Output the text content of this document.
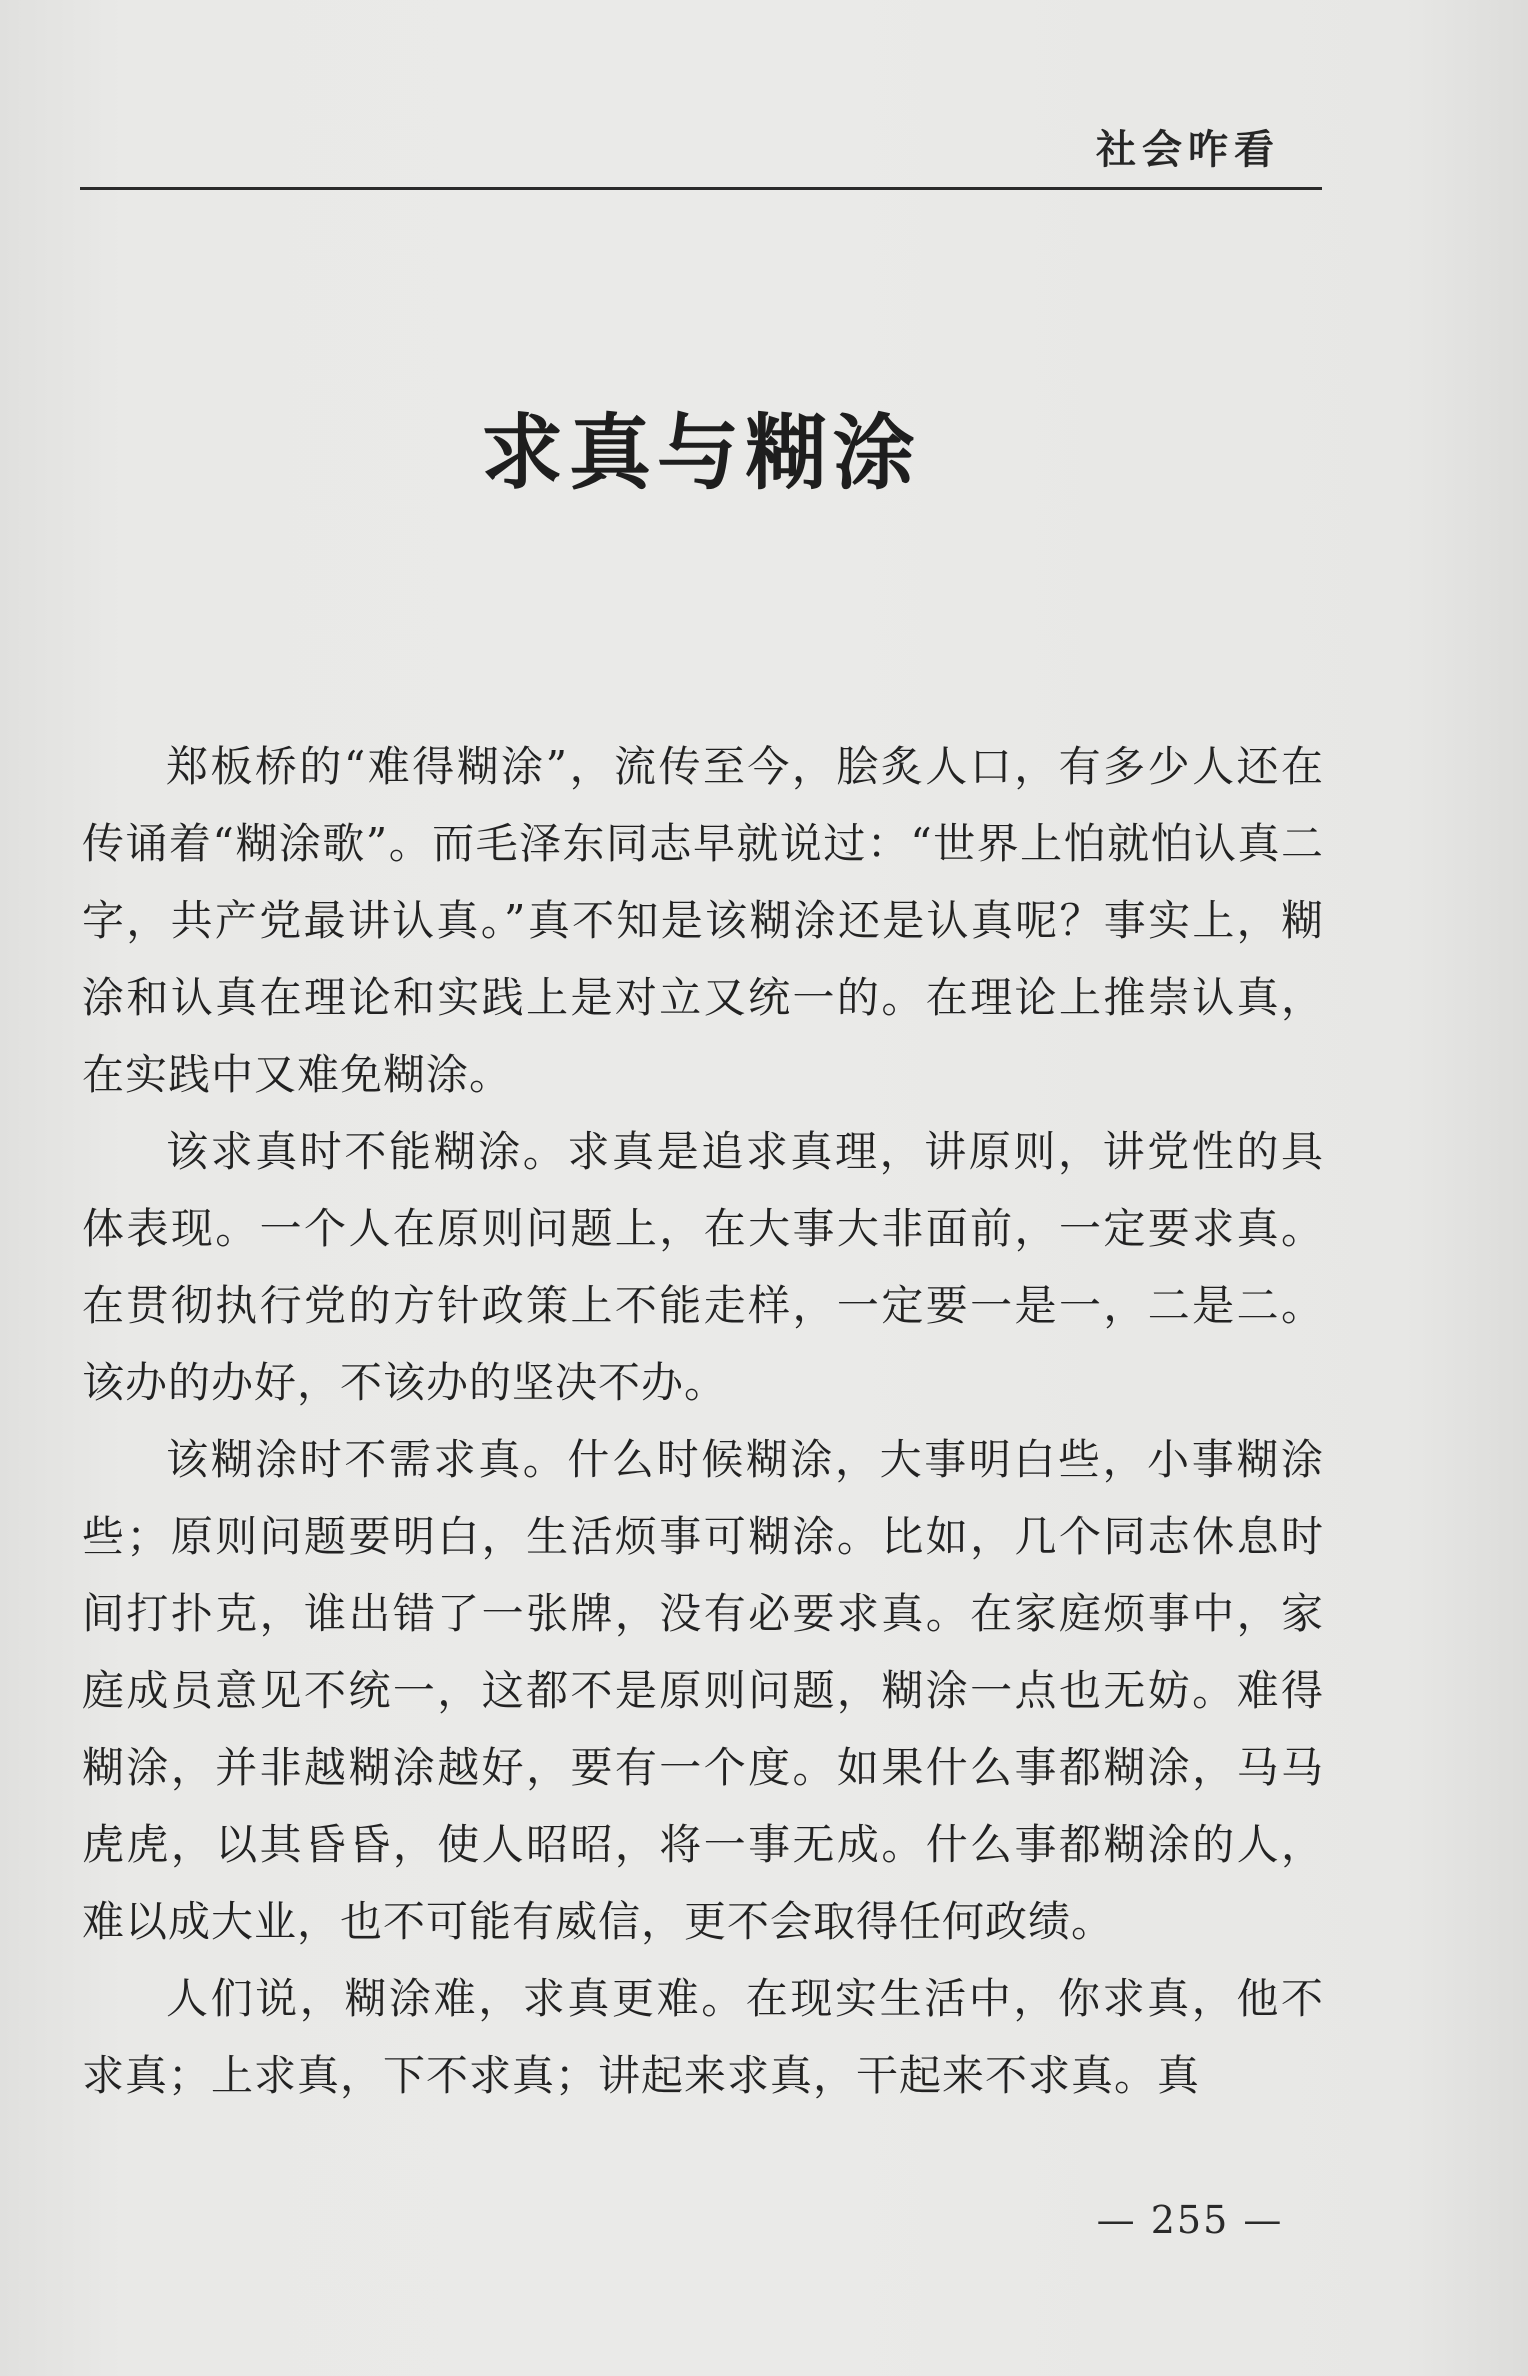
社会咋看
求真与糊涂

郑板桥的“难得糊涂”，流传至今，脍炙人口，有多少人还在传诵着“糊涂歌”。而毛泽东同志早就说过：“世界上怕就怕认真二字，共产党最讲认真。”真不知是该糊涂还是认真呢？事实上，糊涂和认真在理论和实践上是对立又统一的。在理论上推崇认真，在实践中又难免糊涂。

该求真时不能糊涂。求真是追求真理，讲原则，讲党性的具体表现。一个人在原则问题上，在大事大非面前，一定要求真。在贯彻执行党的方针政策上不能走样，一定要一是一，二是二。该办的办好，不该办的坚决不办。

该糊涂时不需求真。什么时候糊涂，大事明白些，小事糊涂些；原则问题要明白，生活烦事可糊涂。比如，几个同志休息时间打扑克，谁出错了一张牌，没有必要求真。在家庭烦事中，家庭成员意见不统一，这都不是原则问题，糊涂一点也无妨。难得糊涂，并非越糊涂越好，要有一个度。如果什么事都糊涂，马马虎虎，以其昏昏，使人昭昭，将一事无成。什么事都糊涂的人，难以成大业，也不可能有威信，更不会取得任何政绩。

人们说，糊涂难，求真更难。在现实生活中，你求真，他不求真；上求真，下不求真；讲起来求真，干起来不求真。真

— 255 —
